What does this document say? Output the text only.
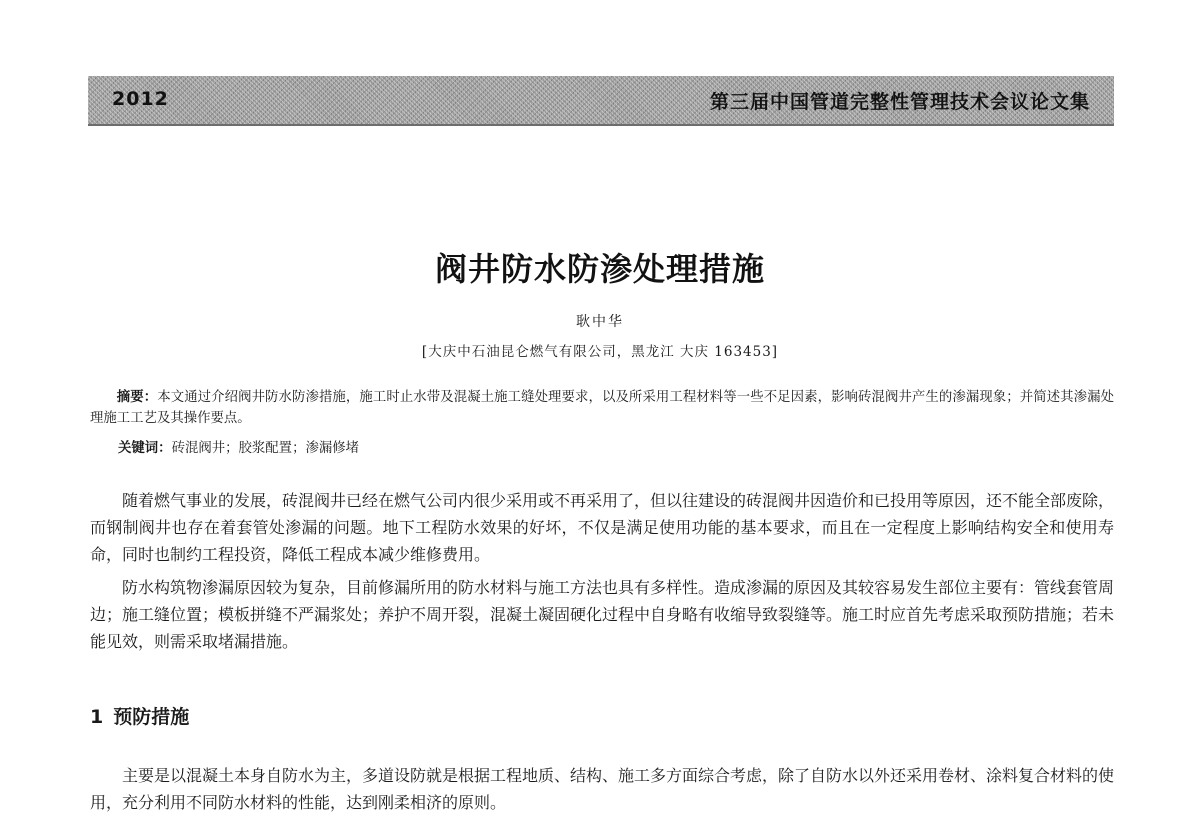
2012	第三届中国管道完整性管理技术会议论文集
阀井防水防渗处理措施
耿中华
[大庆中石油昆仑燃气有限公司，黑龙江 大庆 163453]
摘要：本文通过介绍阀井防水防渗措施，施工时止水带及混凝土施工缝处理要求，以及所采用工程材料等一些不足因素，影响砖混阀井产生的渗漏现象；并简述其渗漏处理施工工艺及其操作要点。
关键词：砖混阀井；胶浆配置；渗漏修堵
随着燃气事业的发展，砖混阀井已经在燃气公司内很少采用或不再采用了，但以往建设的砖混阀井因造价和已投用等原因，还不能全部废除，而钢制阀井也存在着套管处渗漏的问题。地下工程防水效果的好坏，不仅是满足使用功能的基本要求，而且在一定程度上影响结构安全和使用寿命，同时也制约工程投资，降低工程成本减少维修费用。
防水构筑物渗漏原因较为复杂，目前修漏所用的防水材料与施工方法也具有多样性。造成渗漏的原因及其较容易发生部位主要有：管线套管周边；施工缝位置；模板拼缝不严漏浆处；养护不周开裂，混凝土凝固硬化过程中自身略有收缩导致裂缝等。施工时应首先考虑采取预防措施；若未能见效，则需采取堵漏措施。
1 预防措施
主要是以混凝土本身自防水为主，多道设防就是根据工程地质、结构、施工多方面综合考虑，除了自防水以外还采用卷材、涂料复合材料的使用，充分利用不同防水材料的性能，达到刚柔相济的原则。
